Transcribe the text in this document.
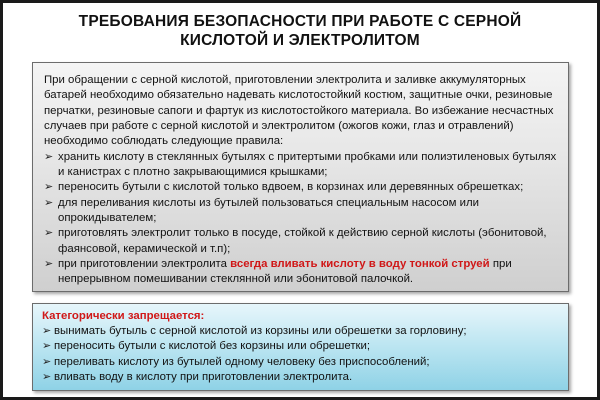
ТРЕБОВАНИЯ БЕЗОПАСНОСТИ ПРИ РАБОТЕ С СЕРНОЙ
КИСЛОТОЙ И ЭЛЕКТРОЛИТОМ

При обращении с серной кислотой, приготовлении электролита и заливке аккумуляторных батарей необходимо обязательно надевать кислотостойкий костюм, защитные очки, резиновые перчатки, резиновые сапоги и фартук из кислотостойкого материала. Во избежание несчастных случаев при работе с серной кислотой и электролитом (ожогов кожи, глаз и отравлений) необходимо соблюдать следующие правила:

➢ хранить кислоту в стеклянных бутылях с притертыми пробками или полиэтиленовых бутылях и канистрах с плотно закрывающимися крышками;
➢ переносить бутыли с кислотой только вдвоем, в корзинах или деревянных обрешетках;
➢ для переливания кислоты из бутылей пользоваться специальным насосом или опрокидывателем;
➢ приготовлять электролит только в посуде, стойкой к действию серной кислоты (эбонитовой, фаянсовой, керамической и т.п);
➢ при приготовлении электролита всегда вливать кислоту в воду тонкой струей при непрерывном помешивании стеклянной или эбонитовой палочкой.
Категорически запрещается:
➢ вынимать бутыль с серной кислотой из корзины или обрешетки за горловину;
➢ переносить бутыли с кислотой без корзины или обрешетки;
➢ переливать кислоту из бутылей одному человеку без приспособлений;
➢ вливать воду в кислоту при приготовлении электролита.
